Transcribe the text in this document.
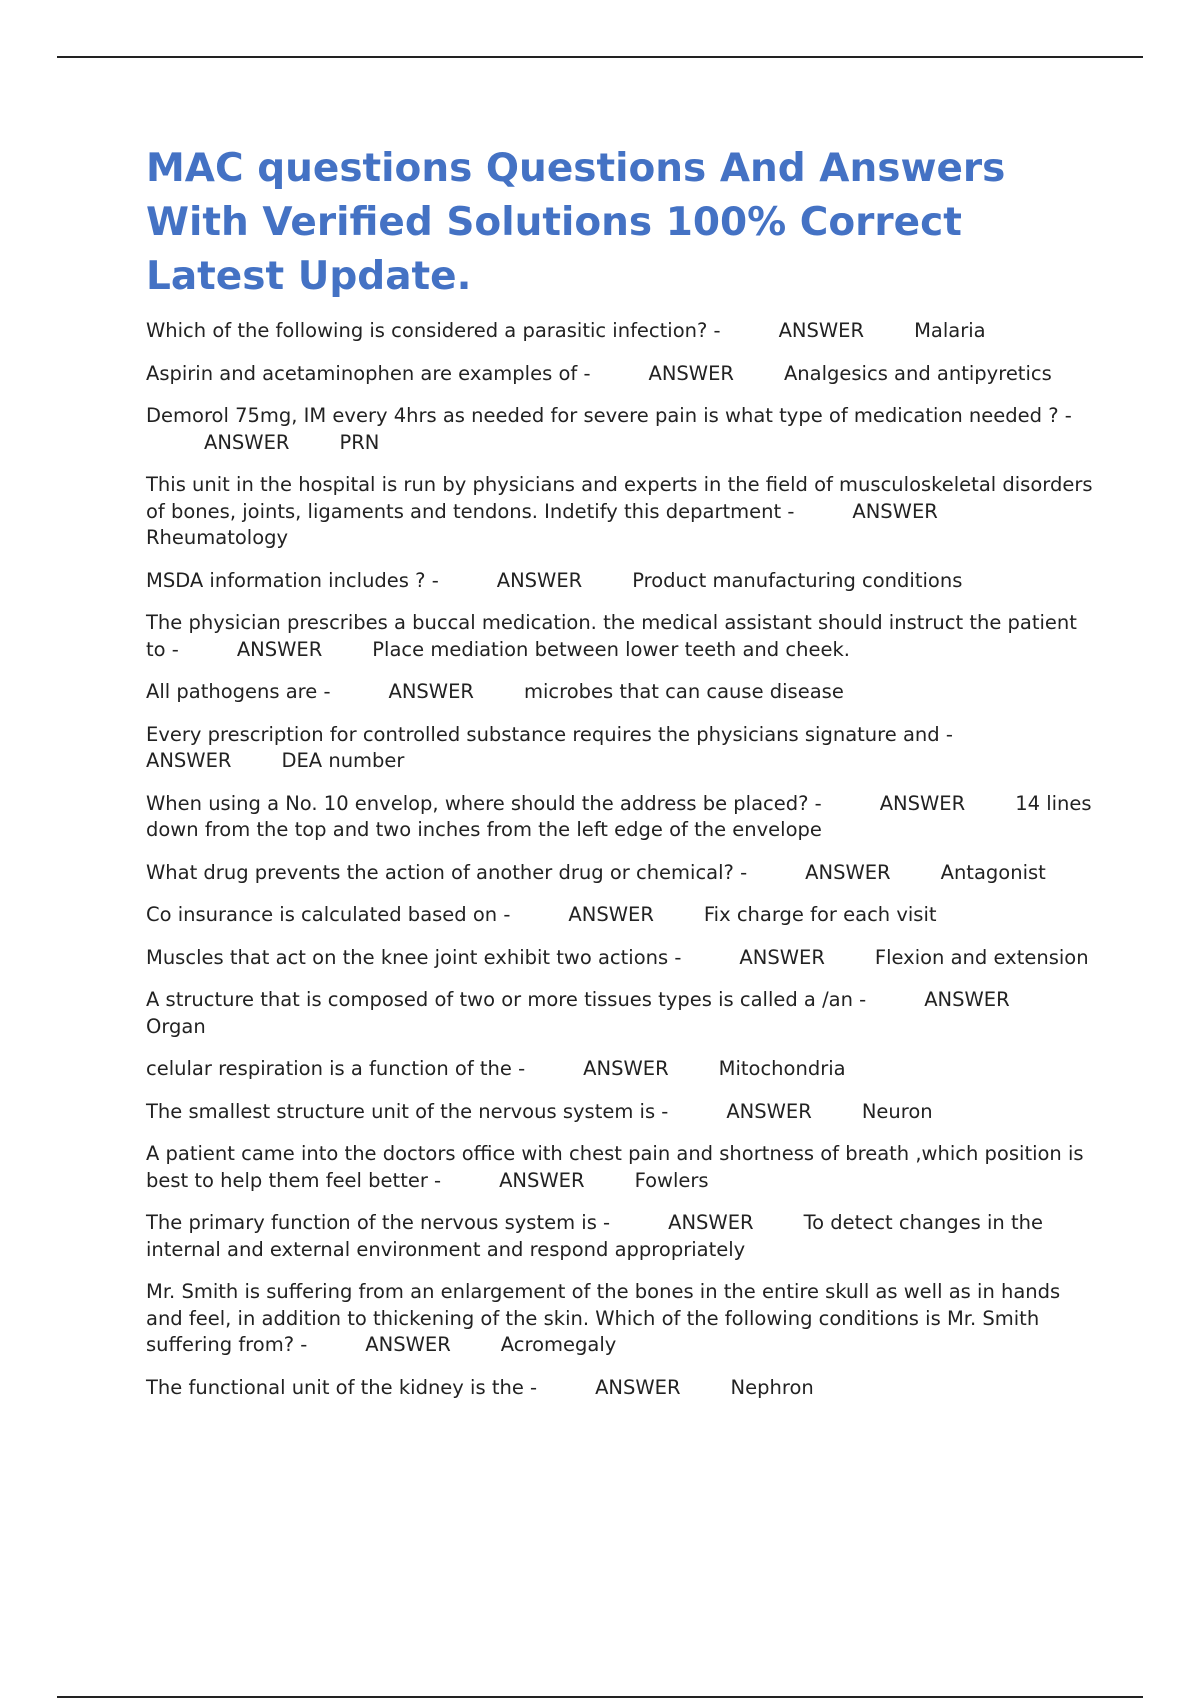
MAC questions Questions And Answers With Verified Solutions 100% Correct Latest Update.

Which of the following is considered a parasitic infection? -	ANSWER	Malaria

Aspirin and acetaminophen are examples of -	ANSWER	Analgesics and antipyretics

Demorol 75mg, IM every 4hrs as needed for severe pain is what type of medication needed ? -ANSWER	PRN

This unit in the hospital is run by physicians and experts in the field of musculoskeletal disorders of bones, joints, ligaments and tendons. Indetify this department -	ANSWERRheumatology

MSDA information includes ? -	ANSWER	Product manufacturing conditions

The physician prescribes a buccal medication. the medical assistant should instruct the patient to -	ANSWER	Place mediation between lower teeth and cheek.

All pathogens are -	ANSWER	microbes that can cause disease

Every prescription for controlled substance requires the physicians signature and -ANSWER	DEA number

When using a No. 10 envelop, where should the address be placed? -	ANSWER	14 lines down from the top and two inches from the left edge of the envelope

What drug prevents the action of another drug or chemical? -	ANSWER	Antagonist

Co insurance is calculated based on -	ANSWER	Fix charge for each visit

Muscles that act on the knee joint exhibit two actions -	ANSWER	Flexion and extension

A structure that is composed of two or more tissues types is called a /an -	ANSWEROrgan

celular respiration is a function of the -	ANSWER	Mitochondria

The smallest structure unit of the nervous system is -	ANSWER	Neuron

A patient came into the doctors office with chest pain and shortness of breath ,which position is best to help them feel better -	ANSWER	Fowlers

The primary function of the nervous system is -	ANSWER	To detect changes in the internal and external environment and respond appropriately

Mr. Smith is suffering from an enlargement of the bones in the entire skull as well as in hands and feel, in addition to thickening of the skin. Which of the following conditions is Mr. Smith suffering from? -	ANSWER	Acromegaly

The functional unit of the kidney is the -	ANSWER	Nephron
